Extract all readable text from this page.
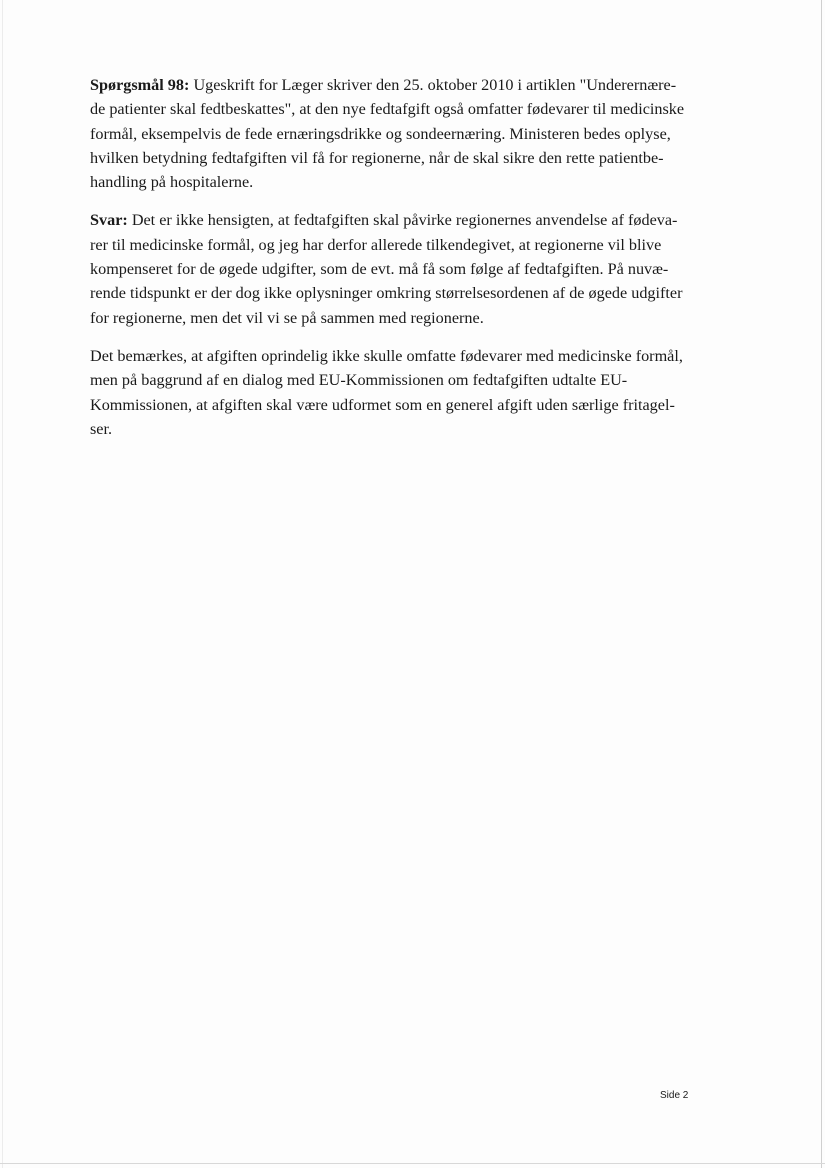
Spørgsmål 98: Ugeskrift for Læger skriver den 25. oktober 2010 i artiklen "Underernære-
de patienter skal fedtbeskattes", at den nye fedtafgift også omfatter fødevarer til medicinske
formål, eksempelvis de fede ernæringsdrikke og sondeernæring. Ministeren bedes oplyse,
hvilken betydning fedtafgiften vil få for regionerne, når de skal sikre den rette patientbe-
handling på hospitalerne.

Svar: Det er ikke hensigten, at fedtafgiften skal påvirke regionernes anvendelse af fødeva-
rer til medicinske formål, og jeg har derfor allerede tilkendegivet, at regionerne vil blive
kompenseret for de øgede udgifter, som de evt. må få som følge af fedtafgiften. På nuvæ-
rende tidspunkt er der dog ikke oplysninger omkring størrelsesordenen af de øgede udgifter
for regionerne, men det vil vi se på sammen med regionerne.

Det bemærkes, at afgiften oprindelig ikke skulle omfatte fødevarer med medicinske formål,
men på baggrund af en dialog med EU-Kommissionen om fedtafgiften udtalte EU-
Kommissionen, at afgiften skal være udformet som en generel afgift uden særlige fritagel-
ser.

Side 2
